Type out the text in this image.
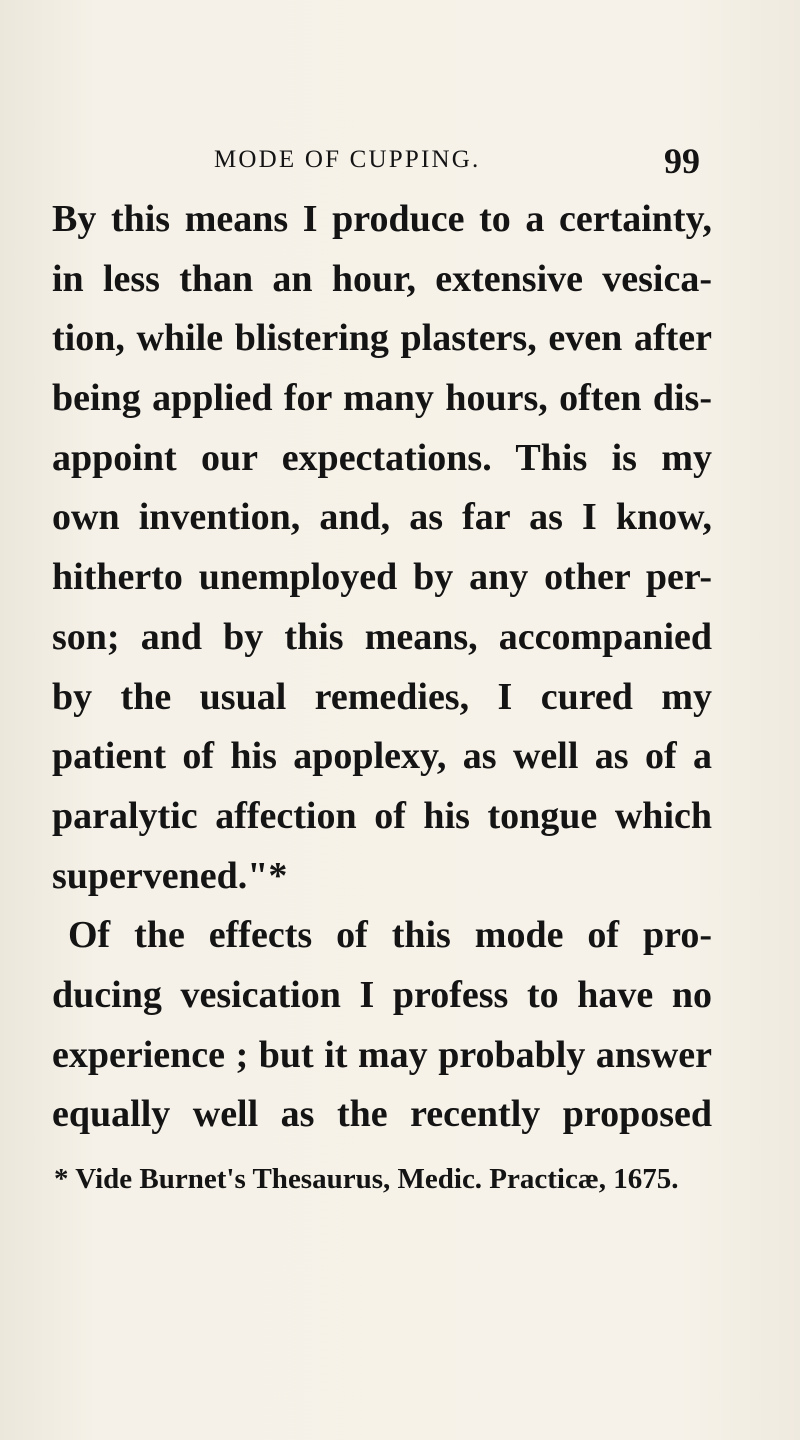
MODE OF CUPPING.	99
By this means I produce to a certainty,
in less than an hour, extensive vesica-
tion, while blistering plasters, even after
being applied for many hours, often dis-
appoint our expectations. This is my
own invention, and, as far as I know,
hitherto unemployed by any other per-
son; and by this means, accompanied
by the usual remedies, I cured my
patient of his apoplexy, as well as of a
paralytic affection of his tongue which
supervened."*
Of the effects of this mode of pro-
ducing vesication I profess to have no
experience ; but it may probably answer
equally well as the recently proposed
* Vide Burnet's Thesaurus, Medic. Practicæ, 1675.
